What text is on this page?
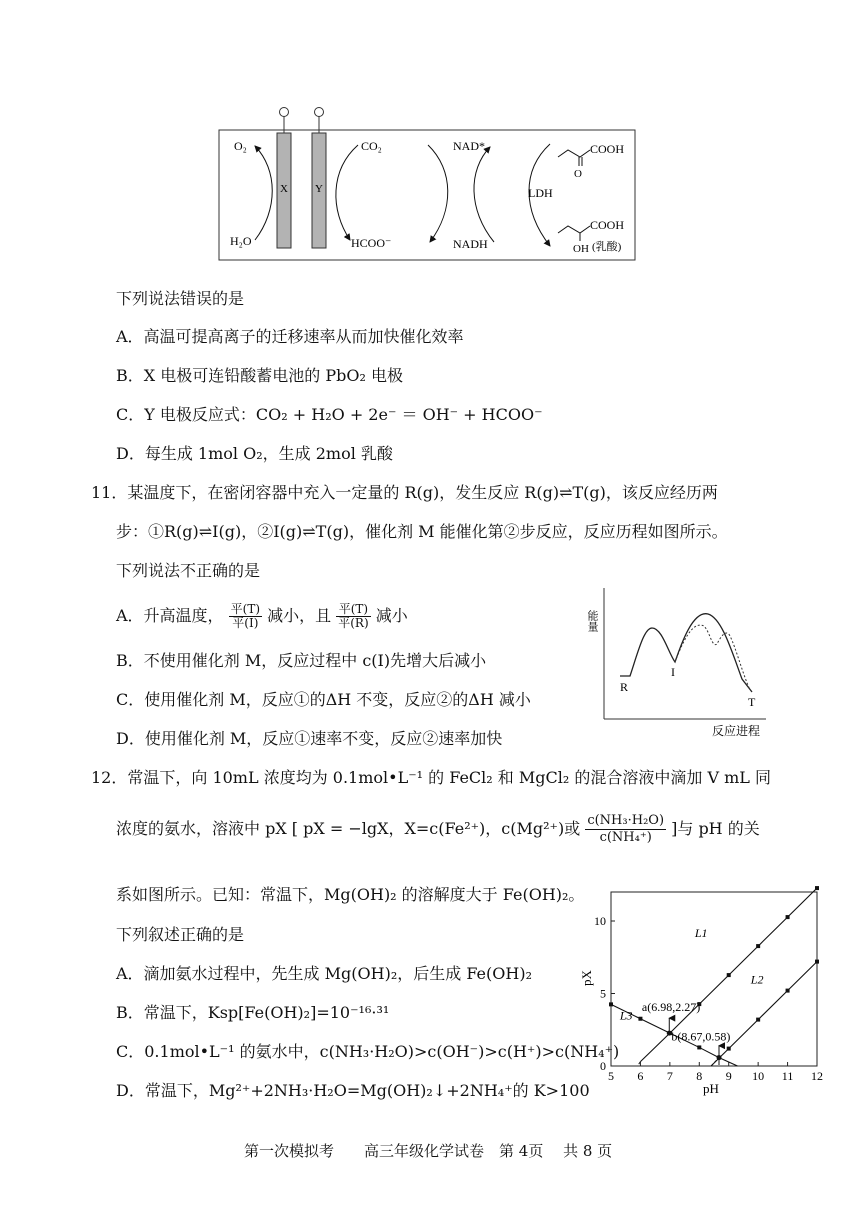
O₂
H₂O
X Y
CO₂
HCOO⁻
NAD*
NADH
LDH
COOH
O
COOH
OH (乳酸)
下列说法错误的是
A．高温可提高离子的迁移速率从而加快催化效率
B．X 电极可连铅酸蓄电池的 PbO₂ 电极
C．Y 电极反应式：CO₂ + H₂O + 2e⁻ ＝ OH⁻ + HCOO⁻
D．每生成 1mol O₂，生成 2mol 乳酸
11．某温度下，在密闭容器中充入一定量的 R(g)，发生反应 R(g)⇌T(g)，该反应经历两
步：①R(g)⇌I(g)，②I(g)⇌T(g)，催化剂 M 能催化第②步反应，反应历程如图所示。
下列说法不正确的是
A．升高温度， $\frac{\text{平(T)}}{\text{平(I)}}$ 减小，且 $\frac{\text{平(T)}}{\text{平(R)}}$ 减小
B．不使用催化剂 M，反应过程中 c(I)先增大后减小
C．使用催化剂 M，反应①的ΔH 不变，反应②的ΔH 减小
D．使用催化剂 M，反应①速率不变，反应②速率加快
能量
R
I
T
反应进程
12．常温下，向 10mL 浓度均为 0.1mol•L⁻¹ 的 FeCl₂ 和 MgCl₂ 的混合溶液中滴加 V mL 同
浓度的氨水，溶液中 pX [ pX = −lgX，X=c(Fe²⁺)，c(Mg²⁺)或 $\frac{\text{c(NH₃·H₂O)}}{\text{c(NH₄⁺)}}$ ]与 pH 的关
系如图所示。已知：常温下，Mg(OH)₂ 的溶解度大于 Fe(OH)₂。
下列叙述正确的是
A．滴加氨水过程中，先生成 Mg(OH)₂，后生成 Fe(OH)₂
B．常温下，Ksp[Fe(OH)₂]=10⁻¹⁶·³¹
C．0.1mol•L⁻¹ 的氨水中，c(NH₃·H₂O)>c(OH⁻)>c(H⁺)>c(NH₄⁺)
D．常温下，Mg²⁺+2NH₃·H₂O=Mg(OH)₂↓+2NH₄⁺的 K>100
5 6 7 8 9 10 11 12
0
5
10
L1
L2
L3
a(6.98,2.27)
b(8.67,0.58)
pX
pH
第一次模拟考　　高三年级化学试卷　第 4页　 共 8 页
